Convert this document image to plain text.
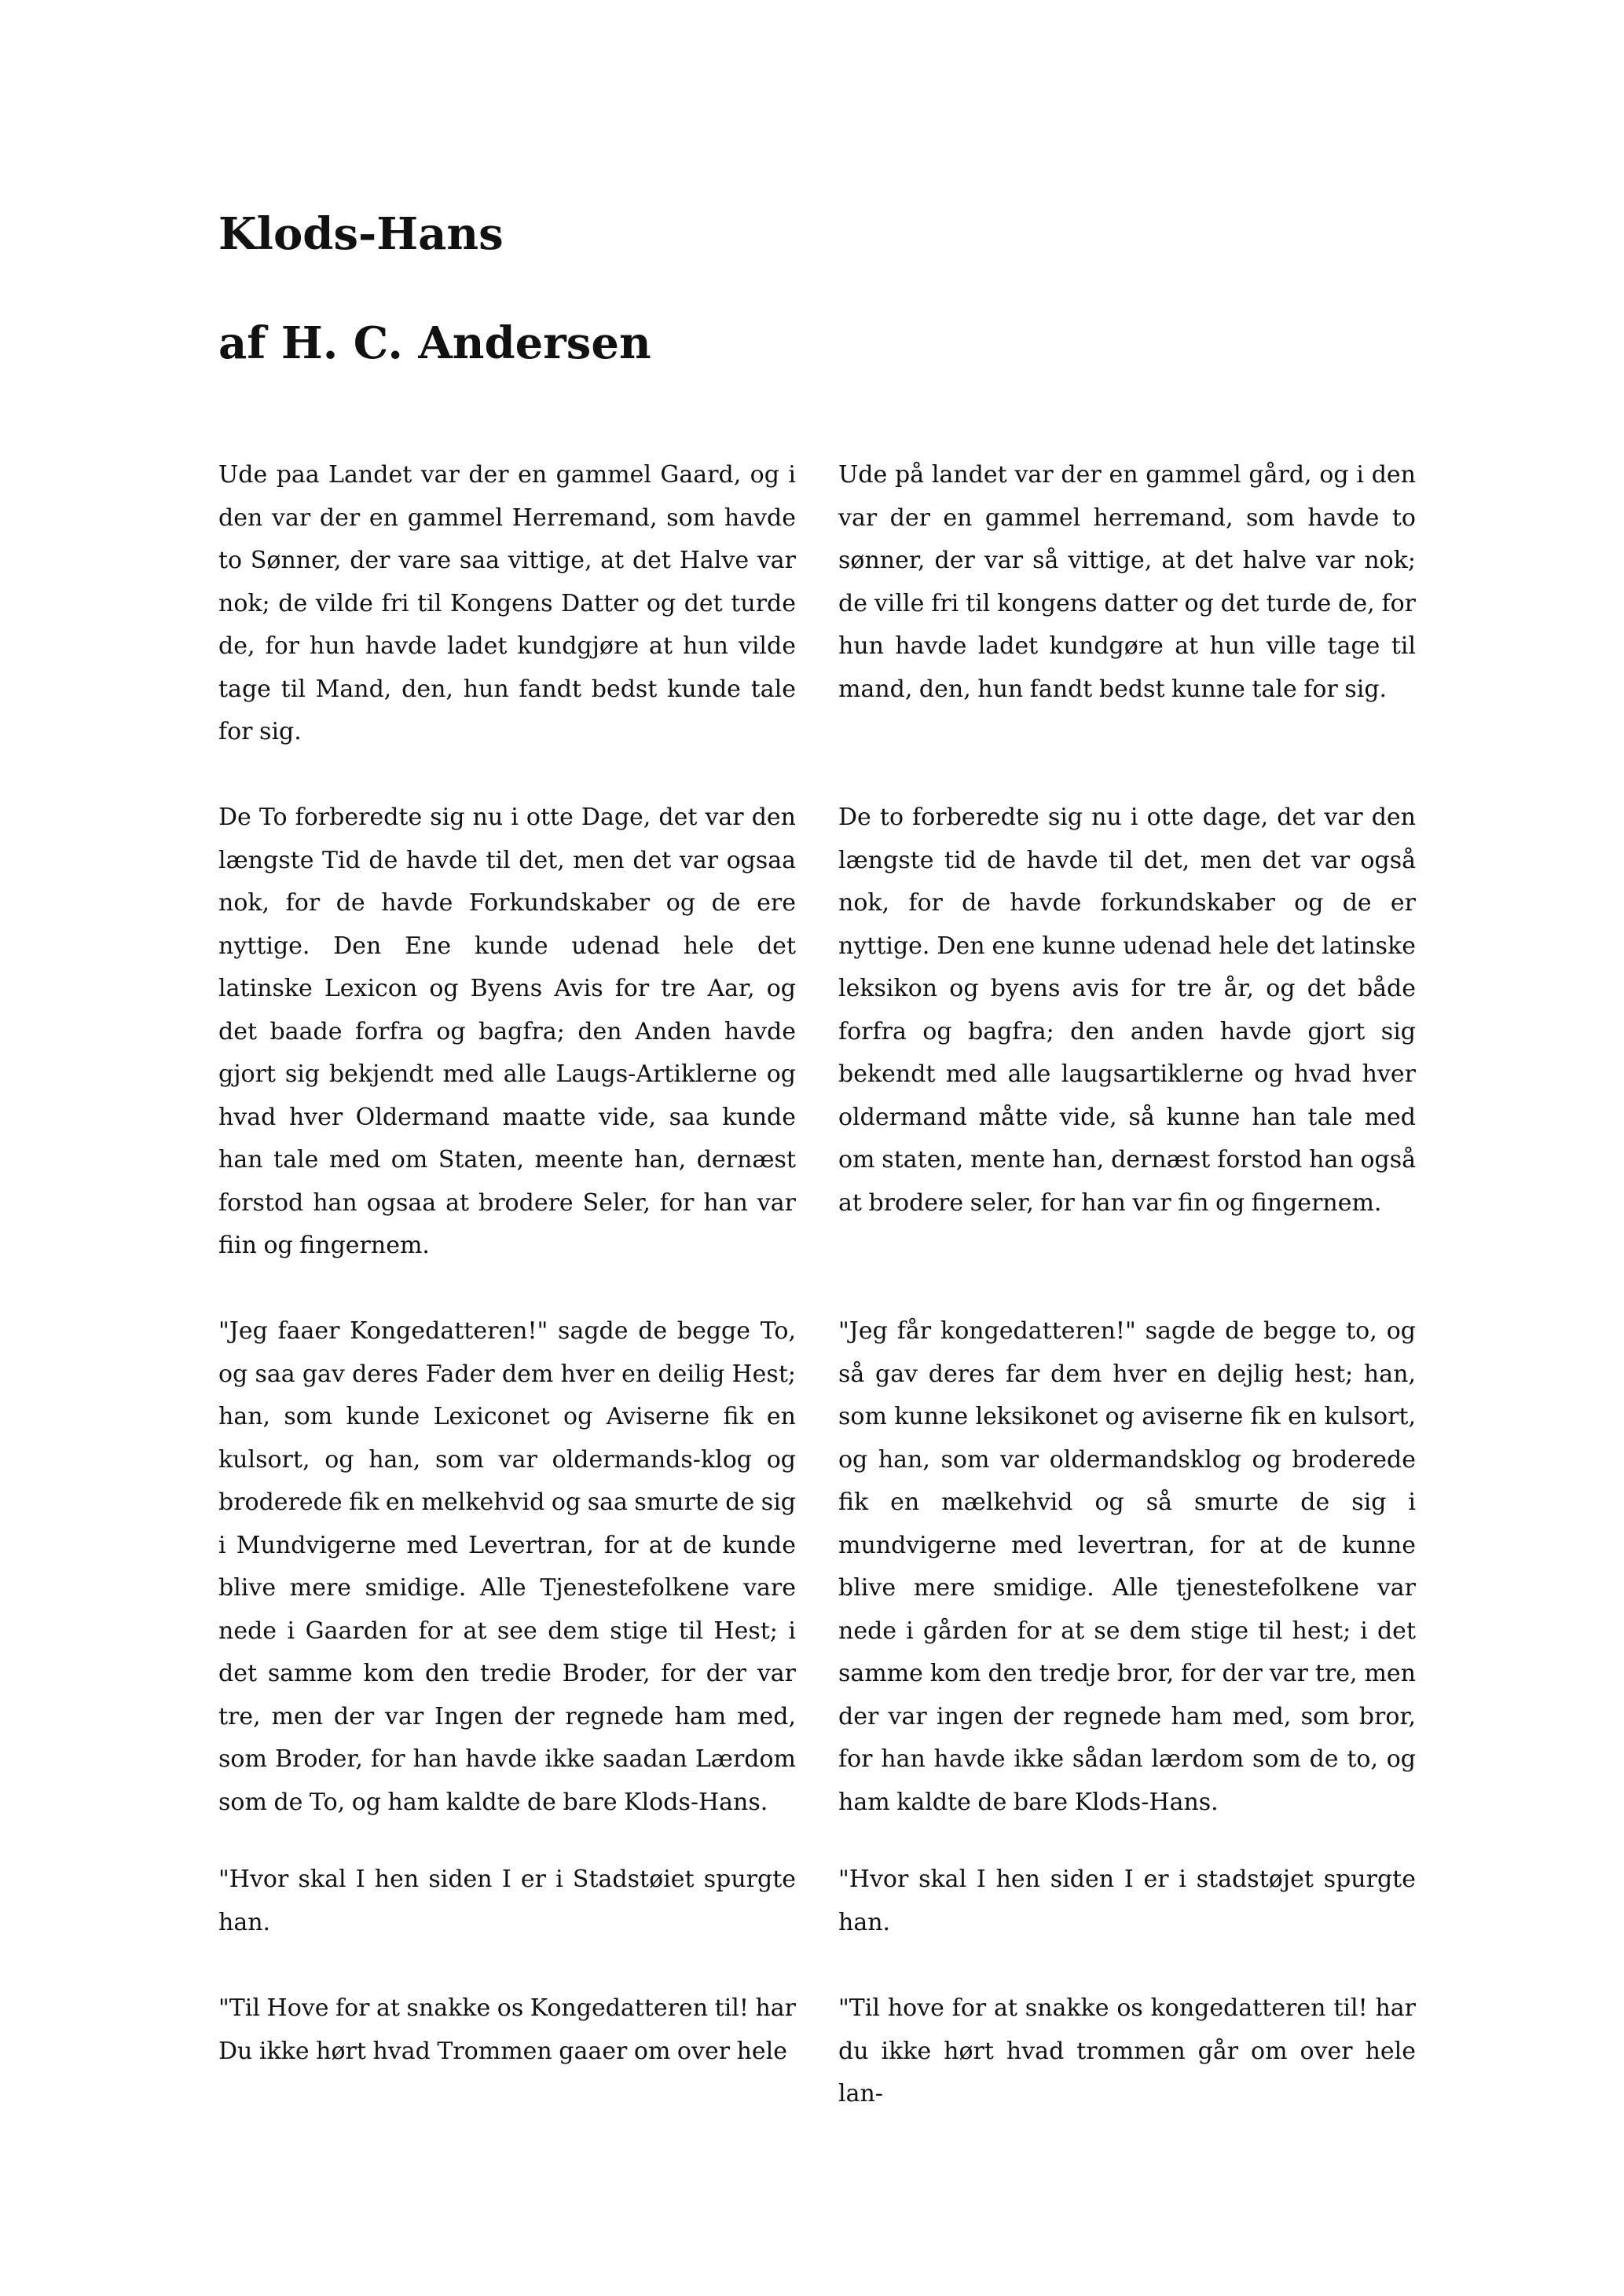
Klods-Hans
af H. C. Andersen

Ude paa Landet var der en gammel Gaard, og i den var der en gammel Herremand, som havde to Sønner, der vare saa vittige, at det Halve var nok; de vilde fri til Kongens Datter og det turde de, for hun havde ladet kundgjøre at hun vilde tage til Mand, den, hun fandt bedst kunde tale for sig.

De To forberedte sig nu i otte Dage, det var den længste Tid de havde til det, men det var ogsaa nok, for de havde Forkundskaber og de ere nyttige. Den Ene kunde udenad hele det latinske Lexicon og Byens Avis for tre Aar, og det baade forfra og bagfra; den Anden havde gjort sig bekjendt med alle Laugs-Artiklerne og hvad hver Oldermand maatte vide, saa kunde han tale med om Staten, meente han, dernæst forstod han ogsaa at brodere Seler, for han var fiin og fingernem.

"Jeg faaer Kongedatteren!" sagde de begge To, og saa gav deres Fader dem hver en deilig Hest; han, som kunde Lexiconet og Aviserne fik en kulsort, og han, som var oldermands-klog og broderede fik en melkehvid og saa smurte de sig i Mundvigerne med Levertran, for at de kunde blive mere smidige. Alle Tjenestefolkene vare nede i Gaarden for at see dem stige til Hest; i det samme kom den tredie Broder, for der var tre, men der var Ingen der regnede ham med, som Broder, for han havde ikke saadan Lærdom som de To, og ham kaldte de bare Klods-Hans.

"Hvor skal I hen siden I er i Stadstøiet spurgte han.

"Til Hove for at snakke os Kongedatteren til! har Du ikke hørt hvad Trommen gaaer om over hele

Ude på landet var der en gammel gård, og i den var der en gammel herremand, som havde to sønner, der var så vittige, at det halve var nok; de ville fri til kongens datter og det turde de, for hun havde ladet kundgøre at hun ville tage til mand, den, hun fandt bedst kunne tale for sig.

De to forberedte sig nu i otte dage, det var den længste tid de havde til det, men det var også nok, for de havde forkundskaber og de er nyttige. Den ene kunne udenad hele det latinske leksikon og byens avis for tre år, og det både forfra og bagfra; den anden havde gjort sig bekendt med alle laugsartiklerne og hvad hver oldermand måtte vide, så kunne han tale med om staten, mente han, dernæst forstod han også at brodere seler, for han var fin og fingernem.

"Jeg får kongedatteren!" sagde de begge to, og så gav deres far dem hver en dejlig hest; han, som kunne leksikonet og aviserne fik en kulsort, og han, som var oldermandsklog og broderede fik en mælkehvid og så smurte de sig i mundvigerne med levertran, for at de kunne blive mere smidige. Alle tjenestefolkene var nede i gården for at se dem stige til hest; i det samme kom den tredje bror, for der var tre, men der var ingen der regnede ham med, som bror, for han havde ikke sådan lærdom som de to, og ham kaldte de bare Klods-Hans.

"Hvor skal I hen siden I er i stadstøjet spurgte han.

"Til hove for at snakke os kongedatteren til! har du ikke hørt hvad trommen går om over hele lan-
